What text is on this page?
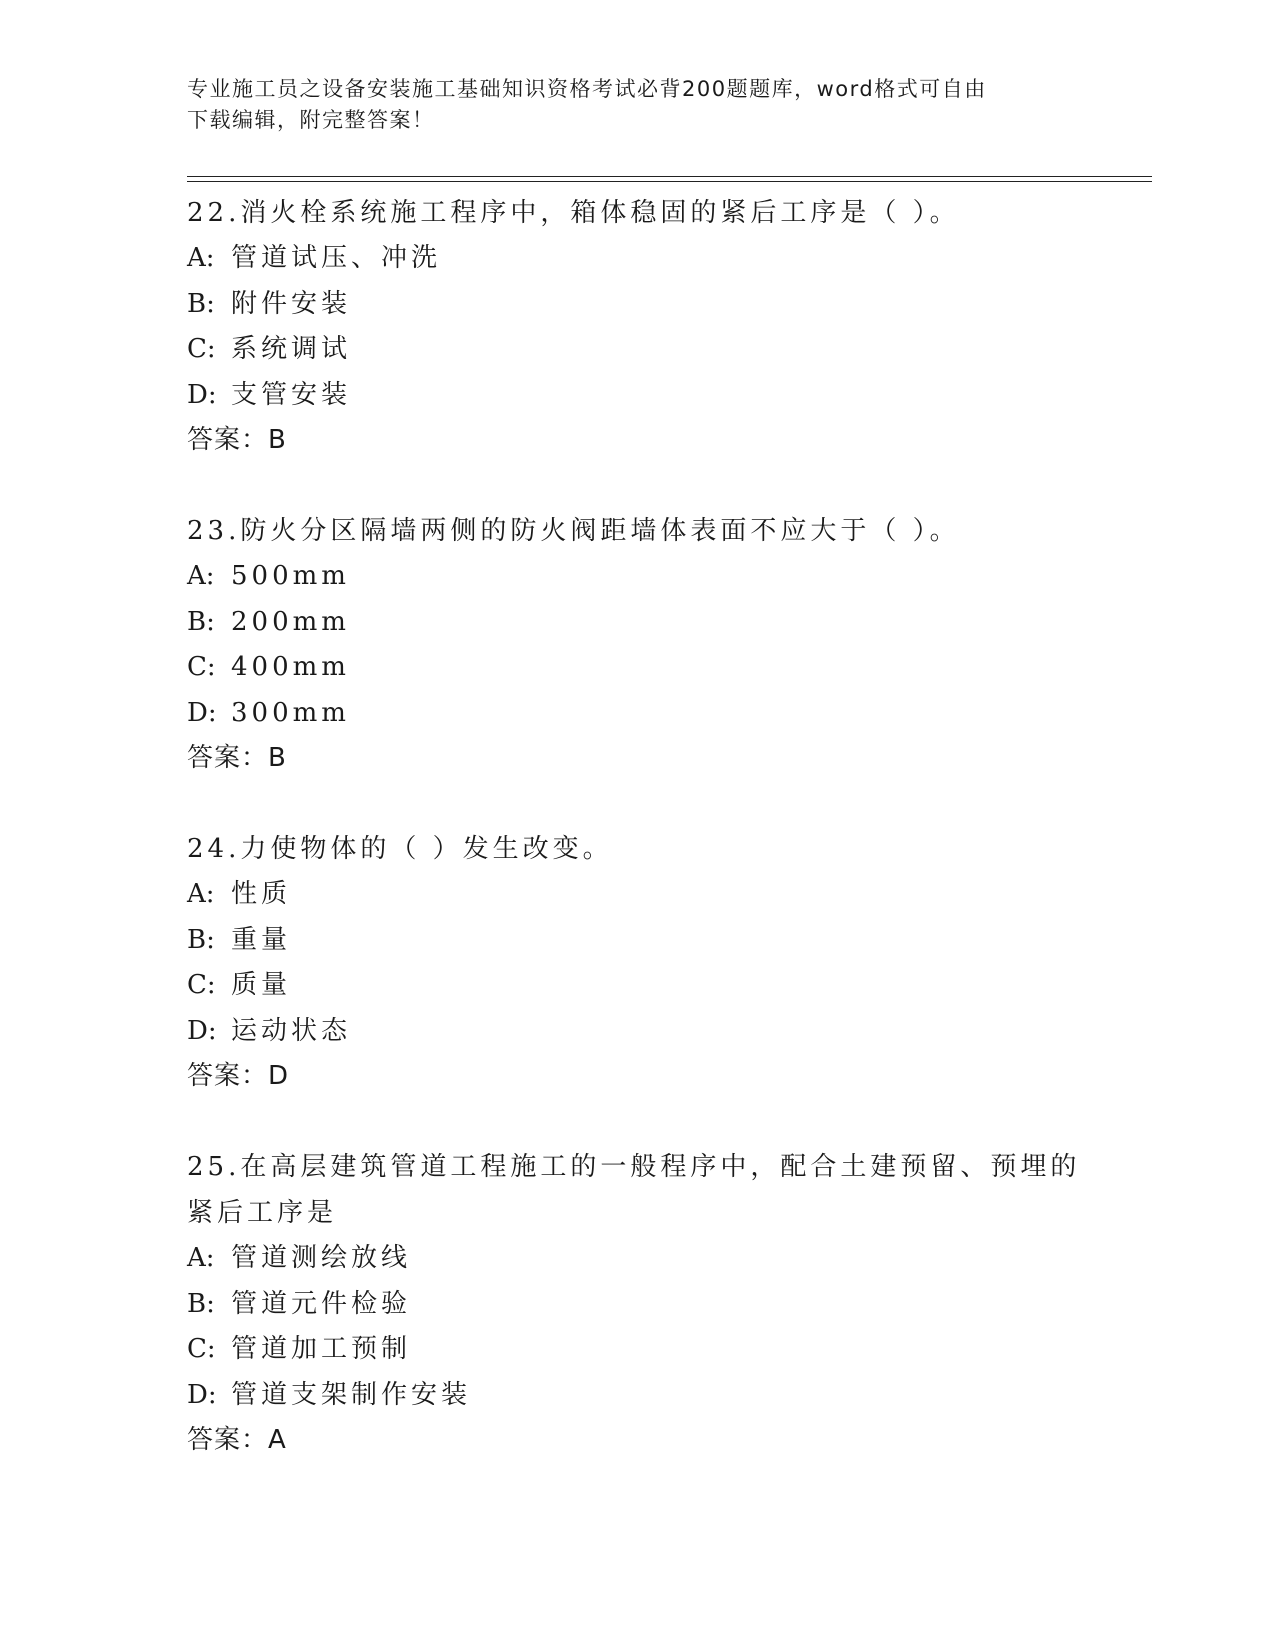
专业施工员之设备安装施工基础知识资格考试必背200题题库，word格式可自由
下载编辑，附完整答案！
22.消火栓系统施工程序中，箱体稳固的紧后工序是（ ）。
A: 管道试压、冲洗
B: 附件安装
C: 系统调试
D: 支管安装
答案：B
23.防火分区隔墙两侧的防火阀距墙体表面不应大于（ ）。
A: 500mm
B: 200mm
C: 400mm
D: 300mm
答案：B
24.力使物体的（ ）发生改变。
A: 性质
B: 重量
C: 质量
D: 运动状态
答案：D
25.在高层建筑管道工程施工的一般程序中，配合土建预留、预埋的紧后工序是
A: 管道测绘放线
B: 管道元件检验
C: 管道加工预制
D: 管道支架制作安装
答案：A
